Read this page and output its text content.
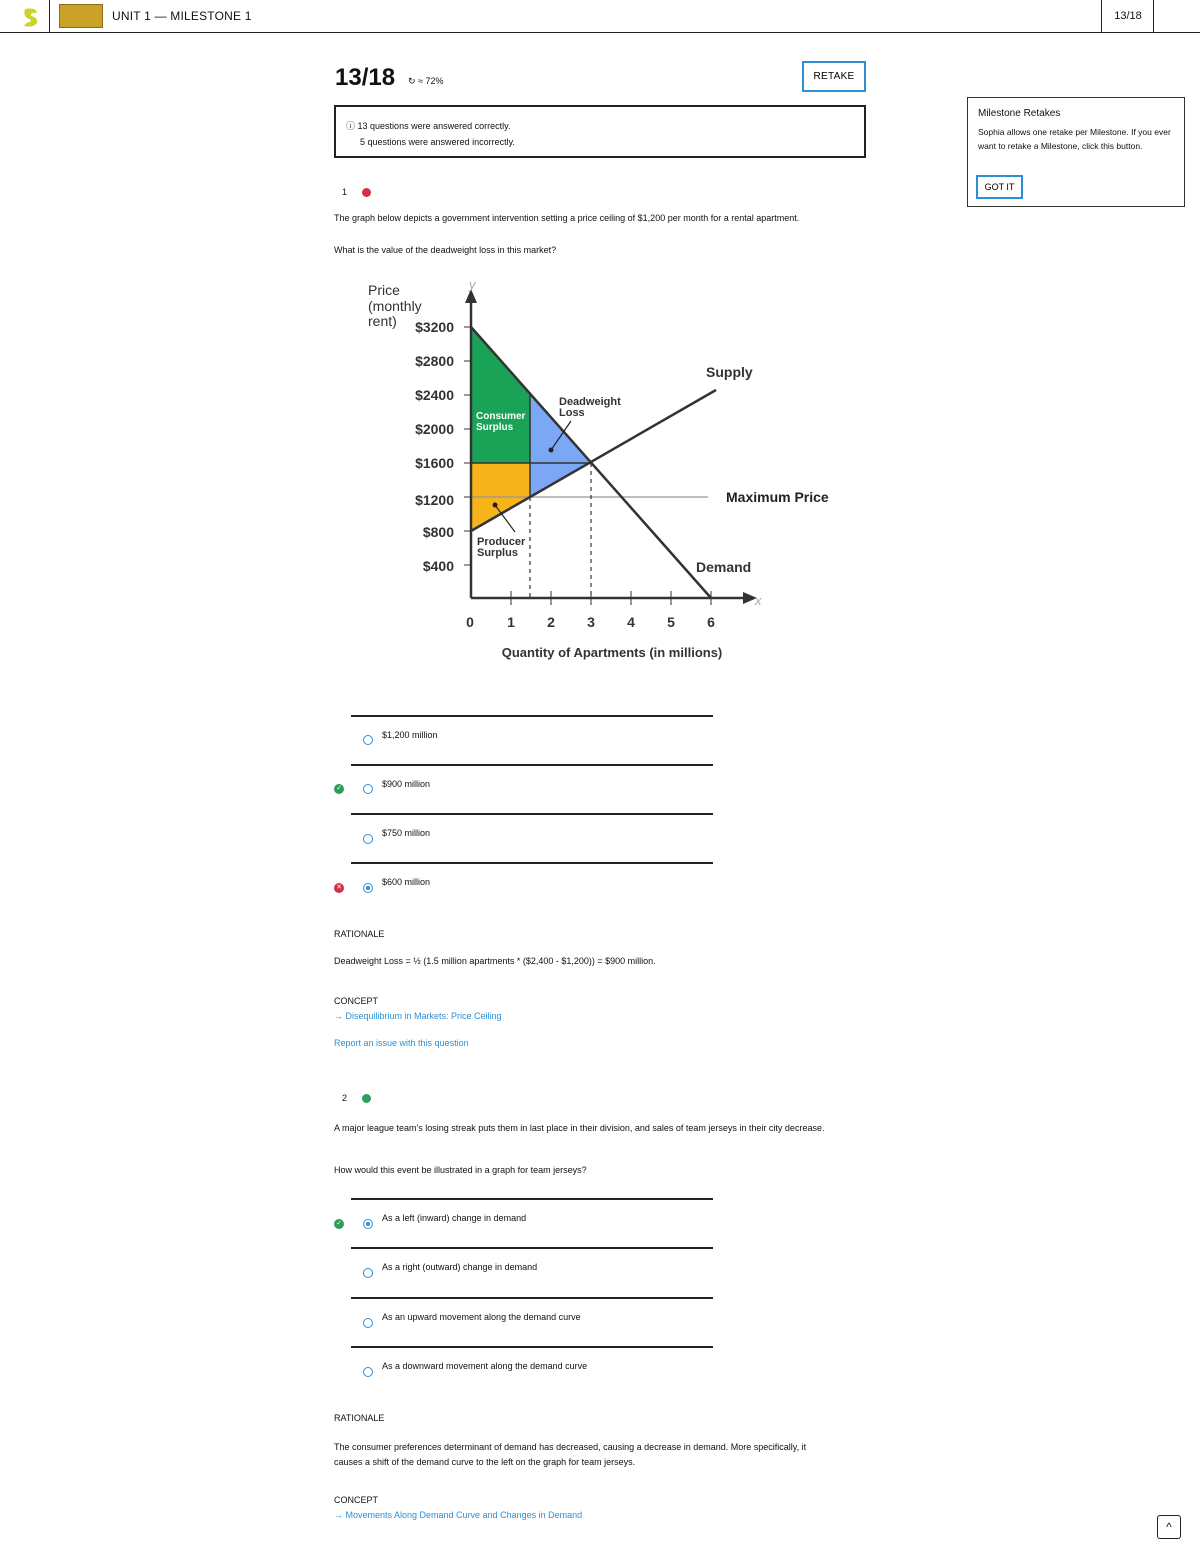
UNIT 1 — MILESTONE 1	13/18
13/18 ↻ ≈ 72%	RETAKE
ⓘ 13 questions were answered correctly.
5 questions were answered incorrectly.
Milestone Retakes
Sophia allows one retake per Milestone. If you ever want to retake a Milestone, click this button.
GOT IT
1
The graph below depicts a government intervention setting a price ceiling of $1,200 per month for a rental apartment.
What is the value of the deadweight loss in this market?
Price
(monthly
rent)
y
x
$3200
$2800
$2400
$2000
$1600
$1200
$800
$400
0 1 2 3 4 5 6
Quantity of Apartments (in millions)
Supply
Demand
Maximum Price
Deadweight
Loss
Consumer
Surplus
Producer
Surplus
$1,200 million
✓	$900 million
$750 million
✕
$600 million
RATIONALE
Deadweight Loss = ½ (1.5 million apartments * ($2,400 - $1,200)) = $900 million.
CONCEPT
→ Disequilibrium in Markets: Price Ceiling
Report an issue with this question
2
A major league team's losing streak puts them in last place in their division, and sales of team jerseys in their city decrease.
How would this event be illustrated in a graph for team jerseys?
✓
As a left (inward) change in demand
As a right (outward) change in demand
As an upward movement along the demand curve
As a downward movement along the demand curve
RATIONALE
The consumer preferences determinant of demand has decreased, causing a decrease in demand. More specifically, it causes a shift of the demand curve to the left on the graph for team jerseys.
CONCEPT
→ Movements Along Demand Curve and Changes in Demand
^
